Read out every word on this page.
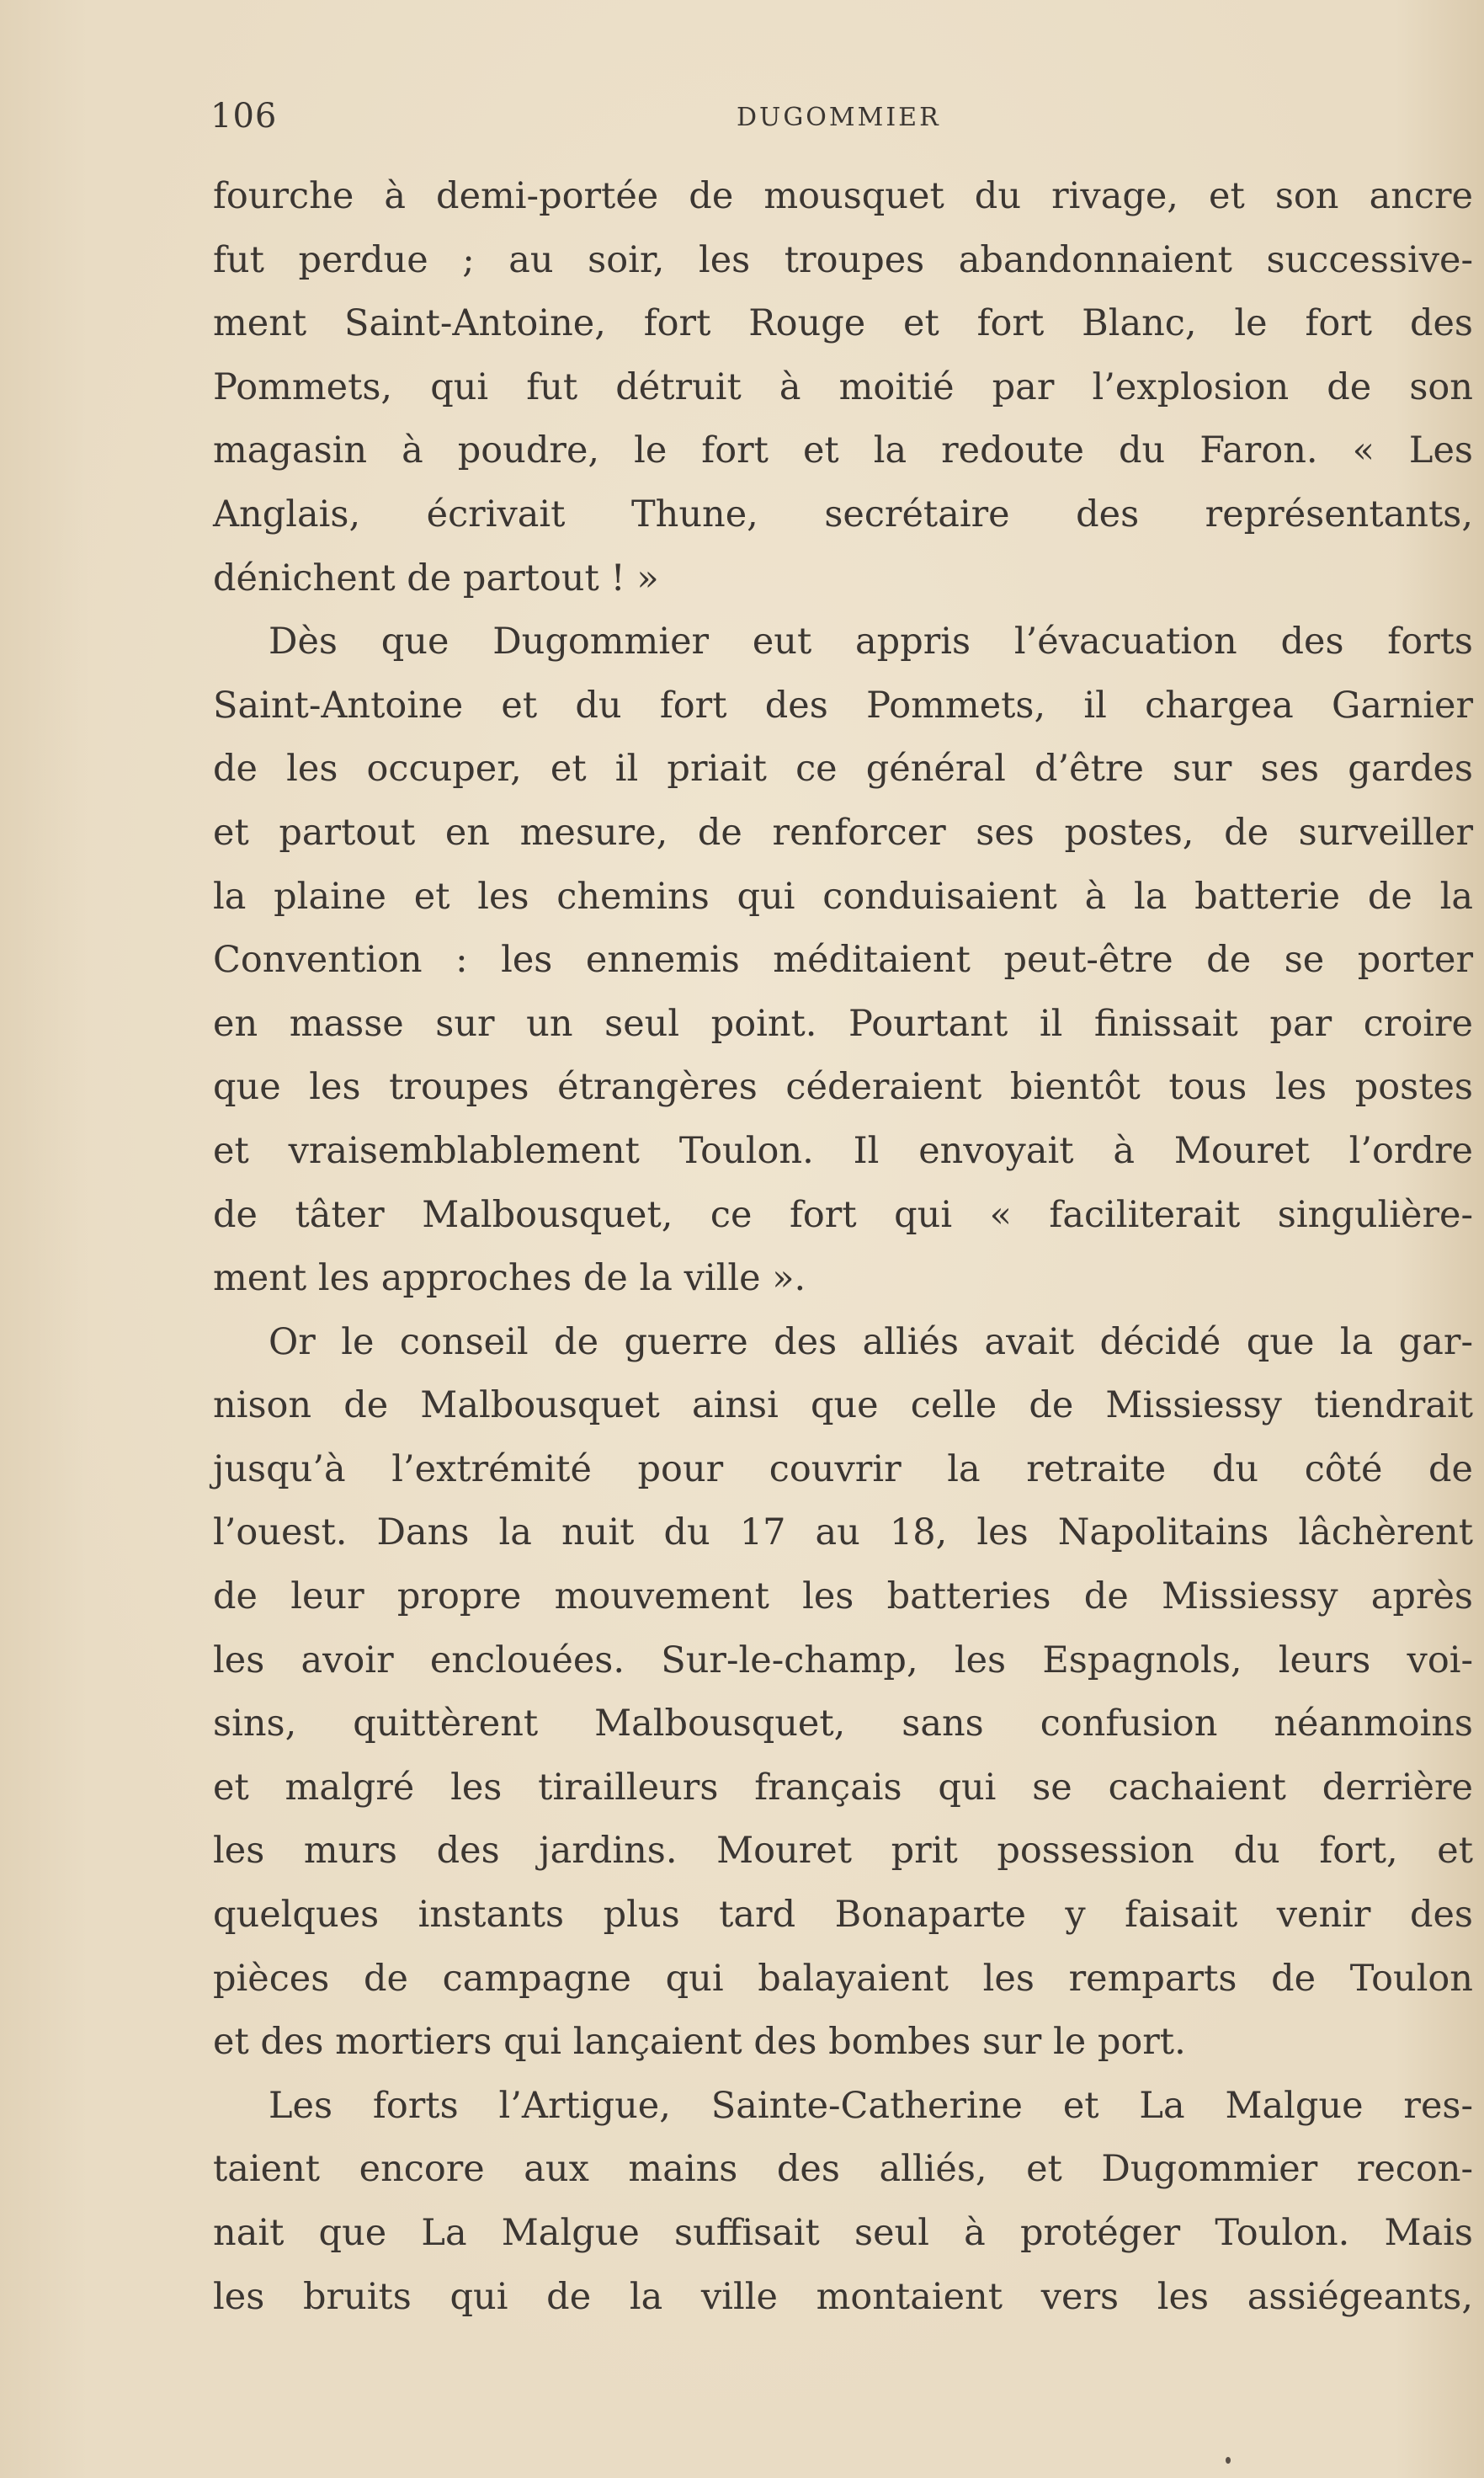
106	DUGOMMIER
fourche à demi-portée de mousquet du rivage, et son ancre
fut perdue ; au soir, les troupes abandonnaient successive-
ment Saint-Antoine, fort Rouge et fort Blanc, le fort des
Pommets, qui fut détruit à moitié par l’explosion de son
magasin à poudre, le fort et la redoute du Faron. « Les
Anglais, écrivait Thune, secrétaire des représentants,
dénichent de partout ! »
Dès que Dugommier eut appris l’évacuation des forts
Saint-Antoine et du fort des Pommets, il chargea Garnier
de les occuper, et il priait ce général d’être sur ses gardes
et partout en mesure, de renforcer ses postes, de surveiller
la plaine et les chemins qui conduisaient à la batterie de la
Convention : les ennemis méditaient peut-être de se porter
en masse sur un seul point. Pourtant il finissait par croire
que les troupes étrangères céderaient bientôt tous les postes
et vraisemblablement Toulon. Il envoyait à Mouret l’ordre
de tâter Malbousquet, ce fort qui « faciliterait singulière-
ment les approches de la ville ».
Or le conseil de guerre des alliés avait décidé que la gar-
nison de Malbousquet ainsi que celle de Missiessy tiendrait
jusqu’à l’extrémité pour couvrir la retraite du côté de
l’ouest. Dans la nuit du 17 au 18, les Napolitains lâchèrent
de leur propre mouvement les batteries de Missiessy après
les avoir enclouées. Sur-le-champ, les Espagnols, leurs voi-
sins, quittèrent Malbousquet, sans confusion néanmoins
et malgré les tirailleurs français qui se cachaient derrière
les murs des jardins. Mouret prit possession du fort, et
quelques instants plus tard Bonaparte y faisait venir des
pièces de campagne qui balayaient les remparts de Toulon
et des mortiers qui lançaient des bombes sur le port.
Les forts l’Artigue, Sainte-Catherine et La Malgue res-
taient encore aux mains des alliés, et Dugommier recon-
nait que La Malgue suffisait seul à protéger Toulon. Mais
les bruits qui de la ville montaient vers les assiégeants,
